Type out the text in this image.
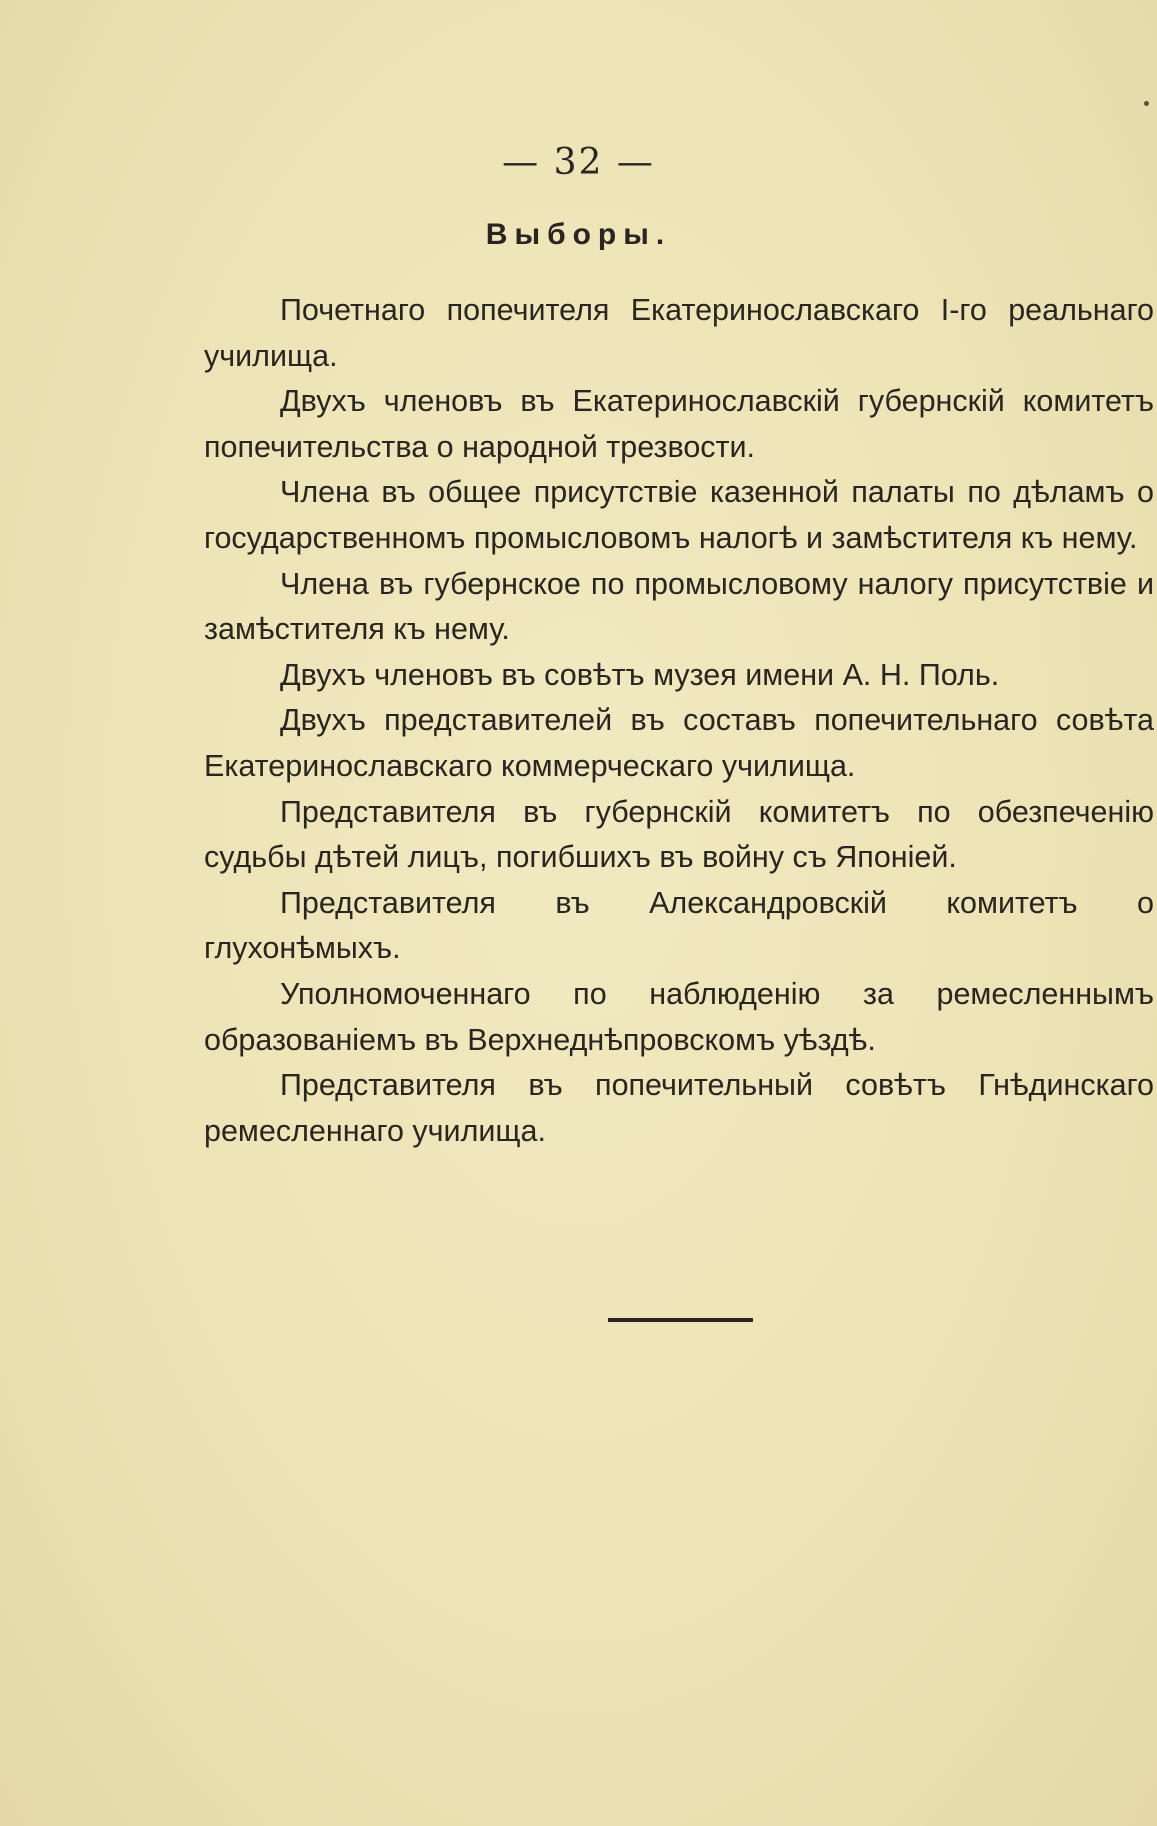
— 32 —
Выборы.

Почетнаго попечителя Екатеринославскаго I-го реальнаго училища.

Двухъ членовъ въ Екатеринославскій губернскій комитетъ попечительства о народной трезвости.

Члена въ общее присутствіе казенной палаты по дѣламъ о государственномъ промысловомъ налогѣ и замѣстителя къ нему.

Члена въ губернское по промысловому налогу присутствіе и замѣстителя къ нему.

Двухъ членовъ въ совѣтъ музея имени А. Н. Поль.

Двухъ представителей въ составъ попечительнаго совѣта Екатеринославскаго коммерческаго училища.

Представителя въ губернскій комитетъ по обезпеченію судьбы дѣтей лицъ, погибшихъ въ войну съ Японіей.

Представителя въ Александровскій комитетъ о глухонѣмыхъ.

Уполномоченнаго по наблюденію за ремесленнымъ образованіемъ въ Верхнеднѣпровскомъ уѣздѣ.

Представителя въ попечительный совѣтъ Гнѣдинскаго ремесленнаго училища.
